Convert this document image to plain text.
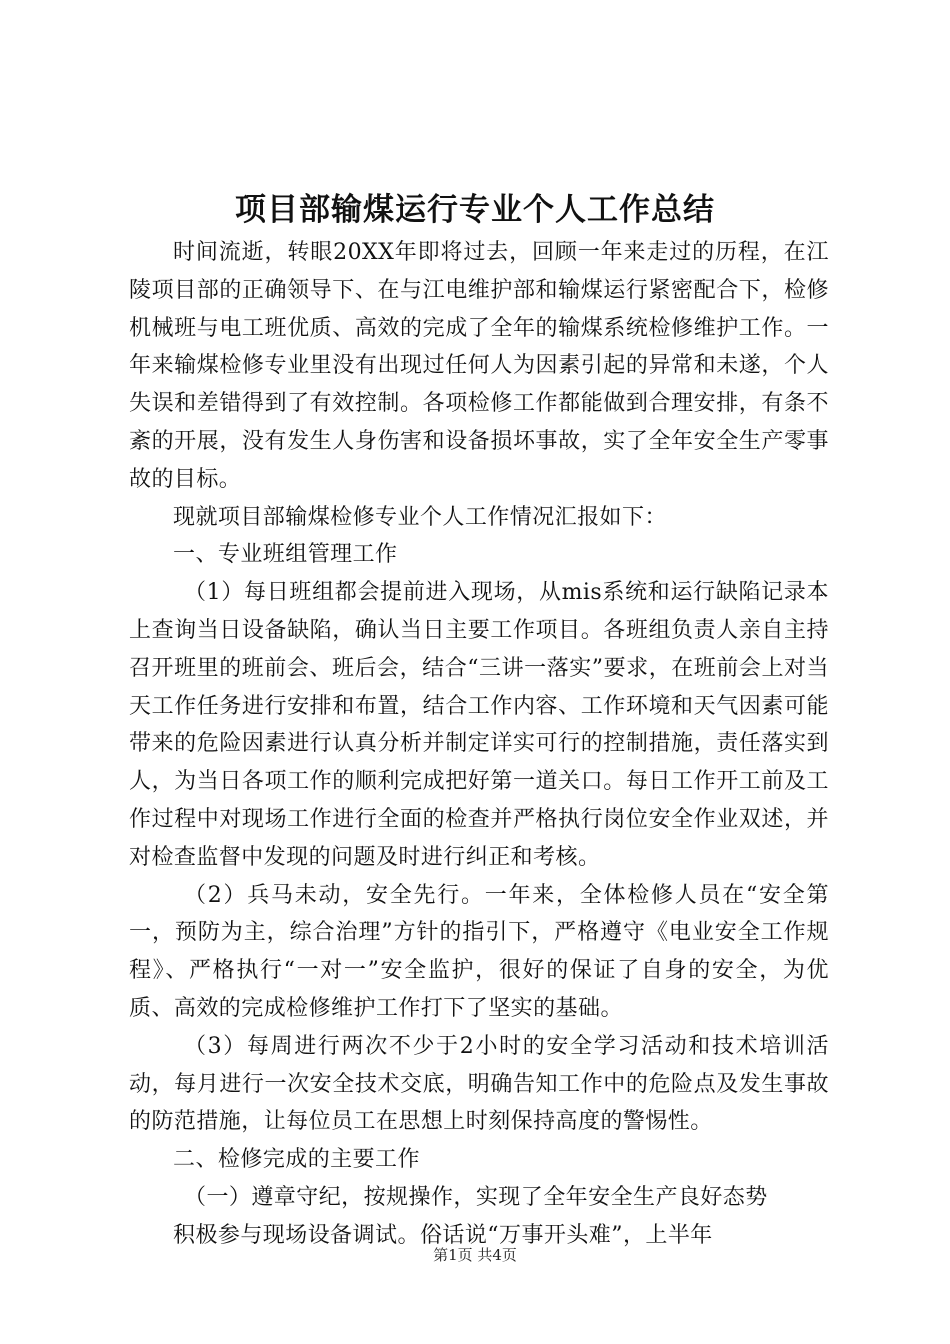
项目部输煤运行专业个人工作总结

时间流逝，转眼20XX年即将过去，回顾一年来走过的历程，在江陵项目部的正确领导下、在与江电维护部和输煤运行紧密配合下，检修机械班与电工班优质、高效的完成了全年的输煤系统检修维护工作。一年来输煤检修专业里没有出现过任何人为因素引起的异常和未遂，个人失误和差错得到了有效控制。各项检修工作都能做到合理安排，有条不紊的开展，没有发生人身伤害和设备损坏事故，实了全年安全生产零事故的目标。

现就项目部输煤检修专业个人工作情况汇报如下：

一、专业班组管理工作

（1）每日班组都会提前进入现场，从mis系统和运行缺陷记录本上查询当日设备缺陷，确认当日主要工作项目。各班组负责人亲自主持召开班里的班前会、班后会，结合“三讲一落实”要求，在班前会上对当天工作任务进行安排和布置，结合工作内容、工作环境和天气因素可能带来的危险因素进行认真分析并制定详实可行的控制措施，责任落实到人，为当日各项工作的顺利完成把好第一道关口。每日工作开工前及工作过程中对现场工作进行全面的检查并严格执行岗位安全作业双述，并对检查监督中发现的问题及时进行纠正和考核。

（2）兵马未动，安全先行。一年来，全体检修人员在“安全第一，预防为主，综合治理”方针的指引下，严格遵守《电业安全工作规程》、严格执行“一对一”安全监护，很好的保证了自身的安全，为优质、高效的完成检修维护工作打下了坚实的基础。

（3）每周进行两次不少于2小时的安全学习活动和技术培训活动，每月进行一次安全技术交底，明确告知工作中的危险点及发生事故的防范措施，让每位员工在思想上时刻保持高度的警惕性。

二、检修完成的主要工作

（一）遵章守纪，按规操作，实现了全年安全生产良好态势

积极参与现场设备调试。俗话说“万事开头难”，上半年

第1页 共4页
